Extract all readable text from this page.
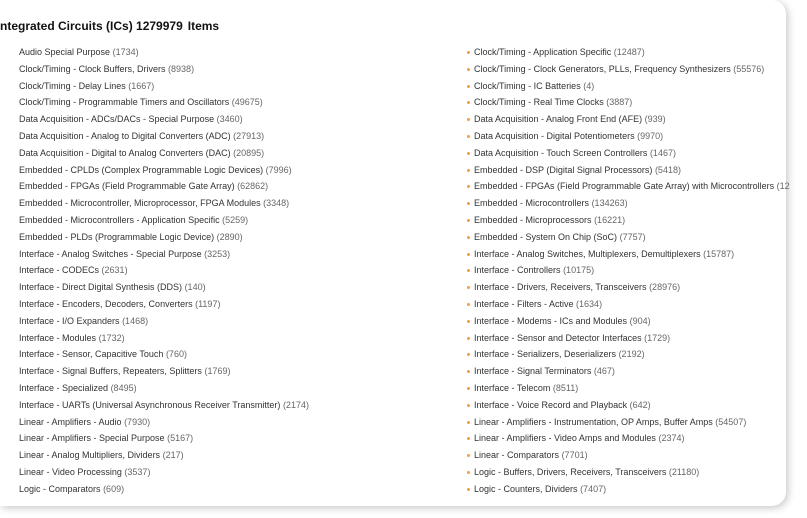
ntegrated Circuits (ICs) 1279979 Items
Audio Special Purpose (1734)
Clock/Timing - Clock Buffers, Drivers (8938)
Clock/Timing - Delay Lines (1667)
Clock/Timing - Programmable Timers and Oscillators (49675)
Data Acquisition - ADCs/DACs - Special Purpose (3460)
Data Acquisition - Analog to Digital Converters (ADC) (27913)
Data Acquisition - Digital to Analog Converters (DAC) (20895)
Embedded - CPLDs (Complex Programmable Logic Devices) (7996)
Embedded - FPGAs (Field Programmable Gate Array) (62862)
Embedded - Microcontroller, Microprocessor, FPGA Modules (3348)
Embedded - Microcontrollers - Application Specific (5259)
Embedded - PLDs (Programmable Logic Device) (2890)
Interface - Analog Switches - Special Purpose (3253)
Interface - CODECs (2631)
Interface - Direct Digital Synthesis (DDS) (140)
Interface - Encoders, Decoders, Converters (1197)
Interface - I/O Expanders (1468)
Interface - Modules (1732)
Interface - Sensor, Capacitive Touch (760)
Interface - Signal Buffers, Repeaters, Splitters (1769)
Interface - Specialized (8495)
Interface - UARTs (Universal Asynchronous Receiver Transmitter) (2174)
Linear - Amplifiers - Audio (7930)
Linear - Amplifiers - Special Purpose (5167)
Linear - Analog Multipliers, Dividers (217)
Linear - Video Processing (3537)
Logic - Comparators (609)
Clock/Timing - Application Specific (12487)
Clock/Timing - Clock Generators, PLLs, Frequency Synthesizers (55576)
Clock/Timing - IC Batteries (4)
Clock/Timing - Real Time Clocks (3887)
Data Acquisition - Analog Front End (AFE) (939)
Data Acquisition - Digital Potentiometers (9970)
Data Acquisition - Touch Screen Controllers (1467)
Embedded - DSP (Digital Signal Processors) (5418)
Embedded - FPGAs (Field Programmable Gate Array) with Microcontrollers (12
Embedded - Microcontrollers (134263)
Embedded - Microprocessors (16221)
Embedded - System On Chip (SoC) (7757)
Interface - Analog Switches, Multiplexers, Demultiplexers (15787)
Interface - Controllers (10175)
Interface - Drivers, Receivers, Transceivers (28976)
Interface - Filters - Active (1634)
Interface - Modems - ICs and Modules (904)
Interface - Sensor and Detector Interfaces (1729)
Interface - Serializers, Deserializers (2192)
Interface - Signal Terminators (467)
Interface - Telecom (8511)
Interface - Voice Record and Playback (642)
Linear - Amplifiers - Instrumentation, OP Amps, Buffer Amps (54507)
Linear - Amplifiers - Video Amps and Modules (2374)
Linear - Comparators (7701)
Logic - Buffers, Drivers, Receivers, Transceivers (21180)
Logic - Counters, Dividers (7407)
